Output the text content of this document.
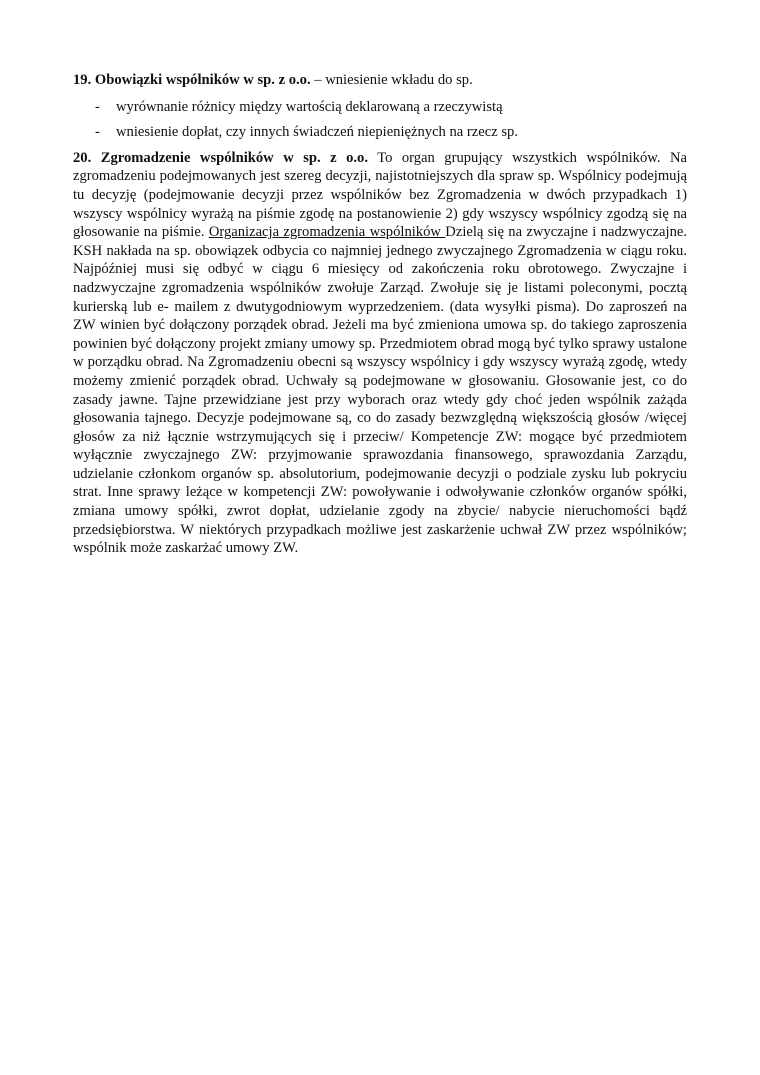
19. Obowiązki wspólników w sp. z o.o. – wniesienie wkładu do sp.
- wyrównanie różnicy między wartością deklarowaną a rzeczywistą
- wniesienie dopłat, czy innych świadczeń niepieniężnych na rzecz sp.

20. Zgromadzenie wspólników w sp. z o.o. To organ grupujący wszystkich wspólników. Na zgromadzeniu podejmowanych jest szereg decyzji, najistotniejszych dla spraw sp. Wspólnicy podejmują tu decyzję (podejmowanie decyzji przez wspólników bez Zgromadzenia w dwóch przypadkach 1) wszyscy wspólnicy wyrażą na piśmie zgodę na postanowienie 2) gdy wszyscy wspólnicy zgodzą się na głosowanie na piśmie. Organizacja zgromadzenia wspólników Dzielą się na zwyczajne i nadzwyczajne. KSH nakłada na sp. obowiązek odbycia co najmniej jednego zwyczajnego Zgromadzenia w ciągu roku. Najpóźniej musi się odbyć w ciągu 6 miesięcy od zakończenia roku obrotowego. Zwyczajne i nadzwyczajne zgromadzenia wspólników zwołuje Zarząd. Zwołuje się je listami poleconymi, pocztą kurierską lub e- mailem z dwutygodniowym wyprzedzeniem. (data wysyłki pisma). Do zaproszeń na ZW winien być dołączony porządek obrad. Jeżeli ma być zmieniona umowa sp. do takiego zaproszenia powinien być dołączony projekt zmiany umowy sp. Przedmiotem obrad mogą być tylko sprawy ustalone w porządku obrad. Na Zgromadzeniu obecni są wszyscy wspólnicy i gdy wszyscy wyrażą zgodę, wtedy możemy zmienić porządek obrad. Uchwały są podejmowane w głosowaniu. Głosowanie jest, co do zasady jawne. Tajne przewidziane jest przy wyborach oraz wtedy gdy choć jeden wspólnik zażąda głosowania tajnego. Decyzje podejmowane są, co do zasady bezwzględną większością głosów /więcej głosów za niż łącznie wstrzymujących się i przeciw/ Kompetencje ZW: mogące być przedmiotem wyłącznie zwyczajnego ZW: przyjmowanie sprawozdania finansowego, sprawozdania Zarządu, udzielanie członkom organów sp. absolutorium, podejmowanie decyzji o podziale zysku lub pokryciu strat. Inne sprawy leżące w kompetencji ZW: powoływanie i odwoływanie członków organów spółki, zmiana umowy spółki, zwrot dopłat, udzielanie zgody na zbycie/ nabycie nieruchomości bądź przedsiębiorstwa. W niektórych przypadkach możliwe jest zaskarżenie uchwał ZW przez wspólników; wspólnik może zaskarżać umowy ZW.
